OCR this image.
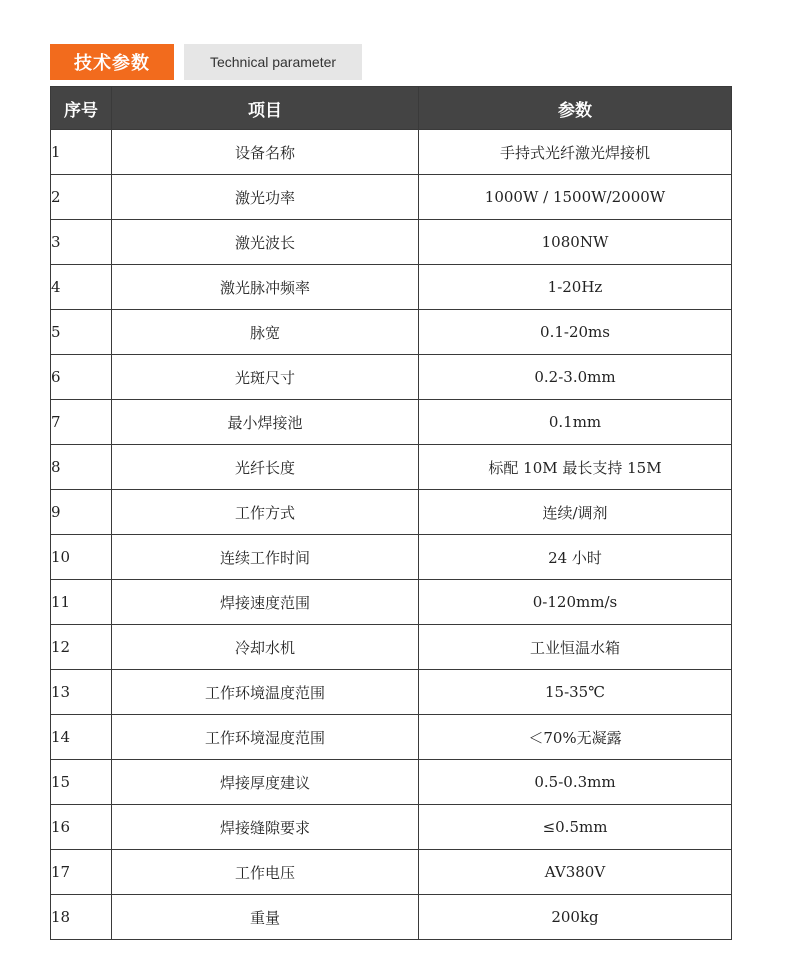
技术参数	Technical parameter
序号	项目	参数
1	设备名称	手持式光纤激光焊接机
2	激光功率	1000W / 1500W/2000W
3	激光波长	1080NW
4	激光脉冲频率	1-20Hz
5	脉宽	0.1-20ms
6	光斑尺寸	0.2-3.0mm
7	最小焊接池	0.1mm
8	光纤长度	标配 10M 最长支持 15M
9	工作方式	连续/调剂
10	连续工作时间	24 小时
11	焊接速度范围	0-120mm/s
12	冷却水机	工业恒温水箱
13	工作环境温度范围	15-35℃
14	工作环境湿度范围	＜70%无凝露
15	焊接厚度建议	0.5-0.3mm
16	焊接缝隙要求	≤0.5mm
17	工作电压	AV380V
18	重量	200kg
